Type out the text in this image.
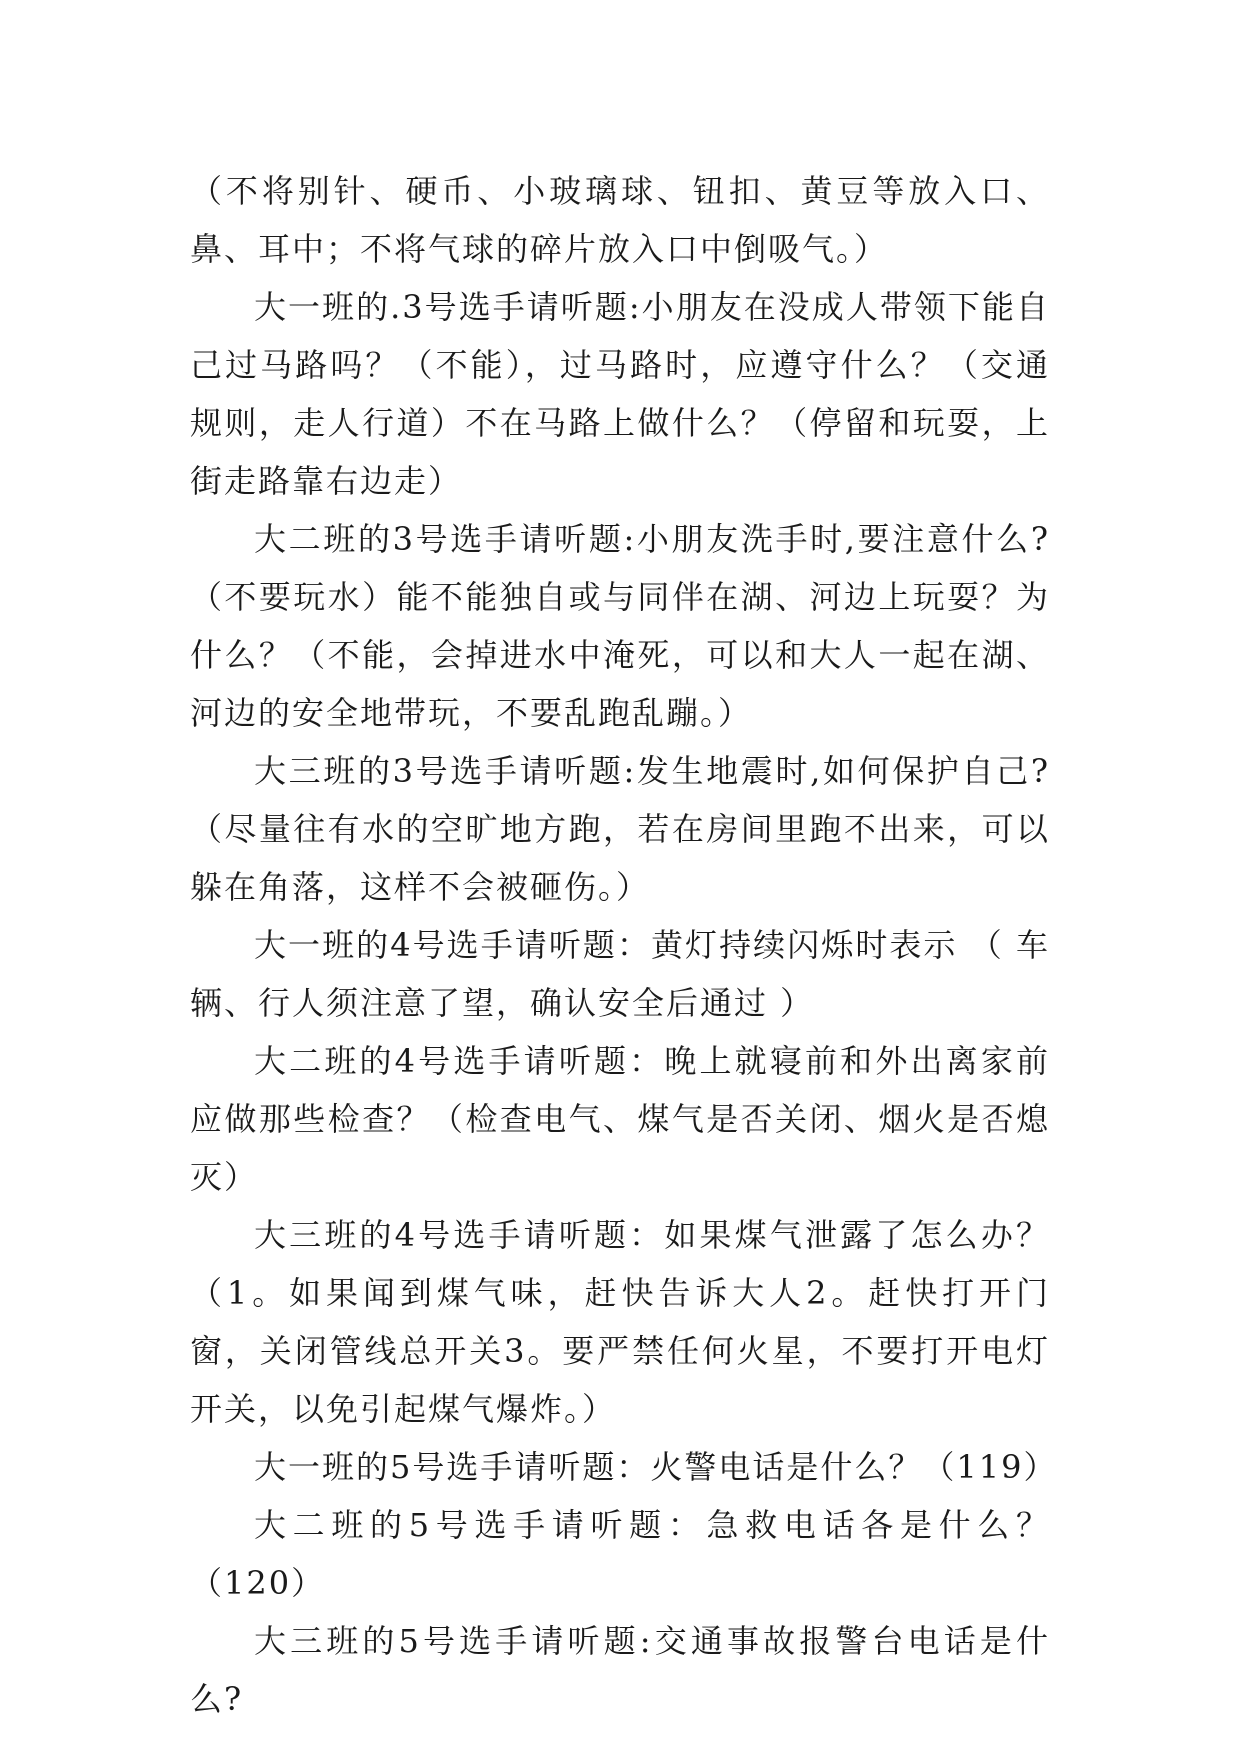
（不将别针、硬币、小玻璃球、钮扣、黄豆等放入口、鼻、耳中；不将气球的碎片放入口中倒吸气。）

大一班的.3号选手请听题:小朋友在没成人带领下能自己过马路吗？（不能），过马路时，应遵守什么？（交通规则，走人行道）不在马路上做什么？（停留和玩耍，上街走路靠右边走）

大二班的3号选手请听题:小朋友洗手时,要注意什么?（不要玩水）能不能独自或与同伴在湖、河边上玩耍？为什么？（不能，会掉进水中淹死，可以和大人一起在湖、河边的安全地带玩，不要乱跑乱蹦。）

大三班的3号选手请听题:发生地震时,如何保护自己?（尽量往有水的空旷地方跑，若在房间里跑不出来，可以躲在角落，这样不会被砸伤。）

大一班的4号选手请听题：黄灯持续闪烁时表示 （ 车辆、行人须注意了望，确认安全后通过 ）

大二班的4号选手请听题：晚上就寝前和外出离家前应做那些检查？（检查电气、煤气是否关闭、烟火是否熄灭）

大三班的4号选手请听题：如果煤气泄露了怎么办？（1。如果闻到煤气味，赶快告诉大人2。赶快打开门窗，关闭管线总开关3。要严禁任何火星，不要打开电灯开关，以免引起煤气爆炸。）

大一班的5号选手请听题：火警电话是什么？（119）

大二班的5号选手请听题：急救电话各是什么？（120）

大三班的5号选手请听题:交通事故报警台电话是什么?
